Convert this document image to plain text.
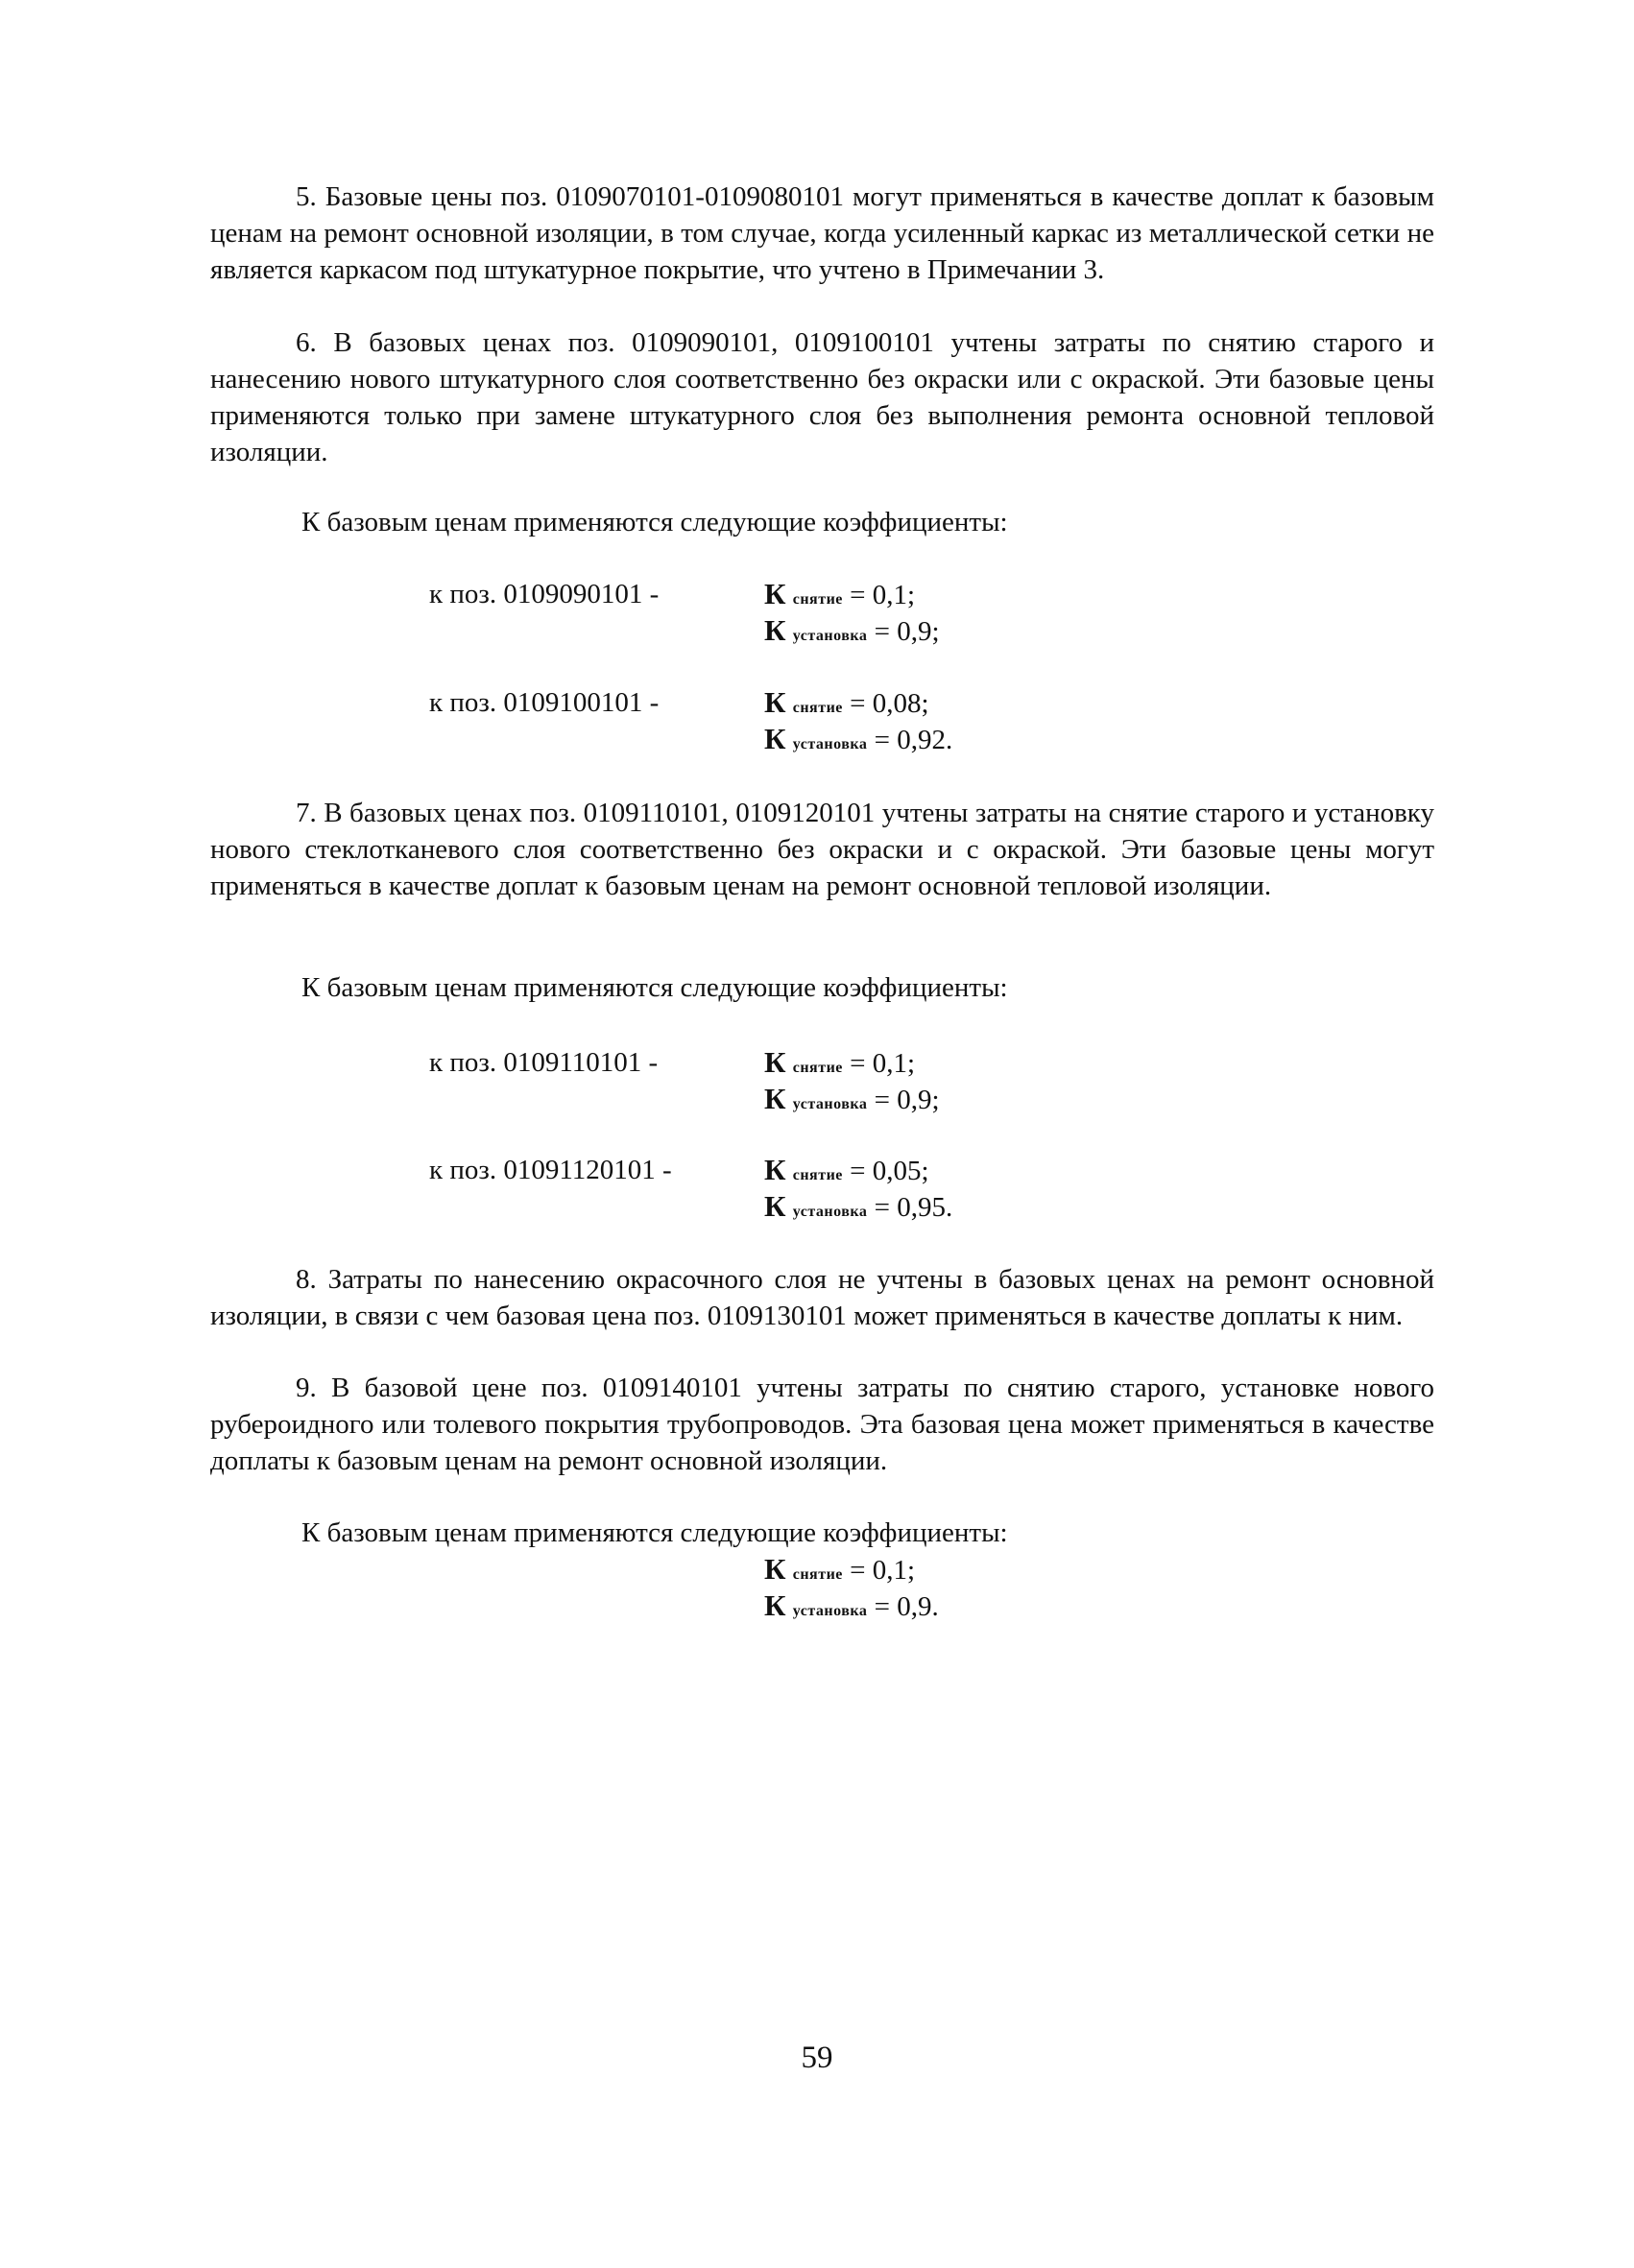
5. Базовые цены поз. 0109070101-0109080101 могут применяться в качестве доплат к базовым ценам на ремонт основной изоляции, в том случае, когда усиленный каркас из металлической сетки не является каркасом под штукатурное покрытие, что учтено в Примечании 3.

6. В базовых ценах поз. 0109090101, 0109100101 учтены затраты по снятию старого и нанесению нового штукатурного слоя соответственно без окраски или с окраской. Эти базовые цены применяются только при замене штукатурного слоя без выполнения ремонта основной тепловой изоляции.

К базовым ценам применяются следующие коэффициенты:

к поз. 0109090101 -	К снятие = 0,1;
К установка = 0,9;
к поз. 0109100101 -	К снятие = 0,08;
К установка = 0,92.

7. В базовых ценах поз. 0109110101, 0109120101 учтены затраты на снятие старого и установку нового стеклотканевого слоя соответственно без окраски и с окраской. Эти базовые цены могут применяться в качестве доплат к базовым ценам на ремонт основной тепловой изоляции.

К базовым ценам применяются следующие коэффициенты:

к поз. 0109110101 -	К снятие = 0,1;
К установка = 0,9;
к поз. 01091120101 -	К снятие = 0,05;
К установка = 0,95.

8. Затраты по нанесению окрасочного слоя не учтены в базовых ценах на ремонт основной изоляции, в связи с чем базовая цена поз. 0109130101 может применяться в качестве доплаты к ним.

9. В базовой цене поз. 0109140101 учтены затраты по снятию старого, установке нового рубероидного или толевого покрытия трубопроводов. Эта базовая цена может применяться в качестве доплаты к базовым ценам на ремонт основной изоляции.

К базовым ценам применяются следующие коэффициенты:

К снятие = 0,1;
К установка = 0,9.
59
